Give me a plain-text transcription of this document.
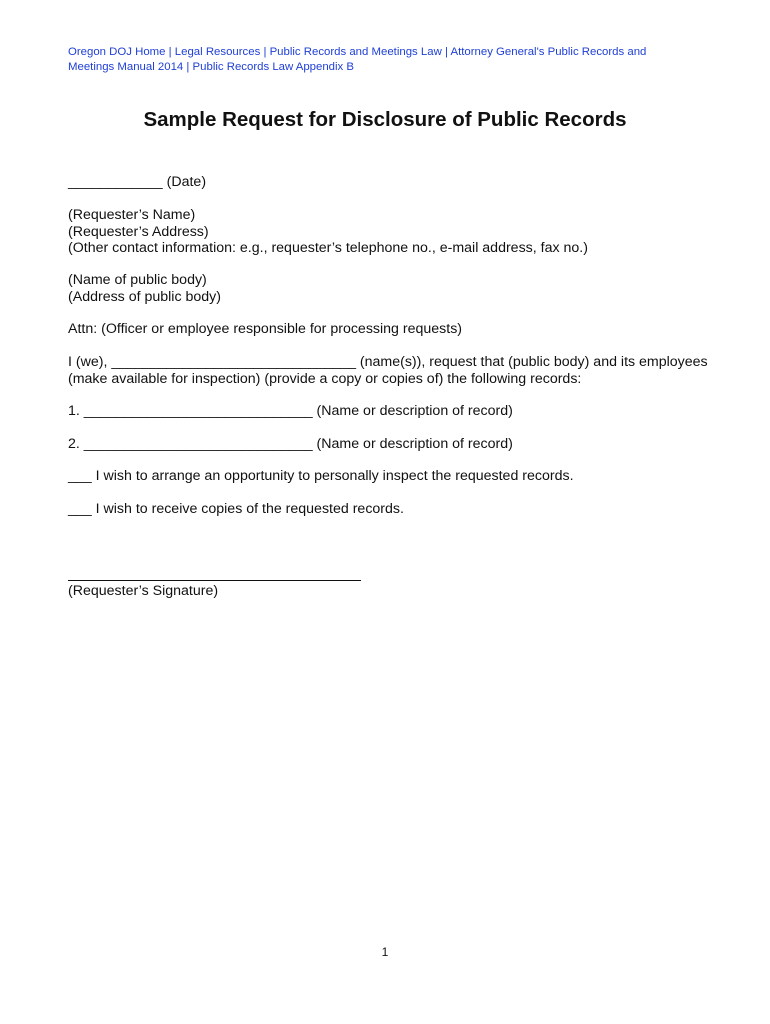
Oregon DOJ Home | Legal Resources | Public Records and Meetings Law | Attorney General's Public Records and
Meetings Manual 2014 | Public Records Law Appendix B
Sample Request for Disclosure of Public Records
____________ (Date)
(Requester’s Name)
(Requester’s Address)
(Other contact information: e.g., requester’s telephone no., e-mail address, fax no.)
(Name of public body)
(Address of public body)
Attn: (Officer or employee responsible for processing requests)
I (we), _______________________________ (name(s)), request that (public body) and its employees
(make available for inspection) (provide a copy or copies of) the following records:
1. _____________________________ (Name or description of record)
2. _____________________________ (Name or description of record)
___ I wish to arrange an opportunity to personally inspect the requested records.
___ I wish to receive copies of the requested records.
(Requester’s Signature)
1
